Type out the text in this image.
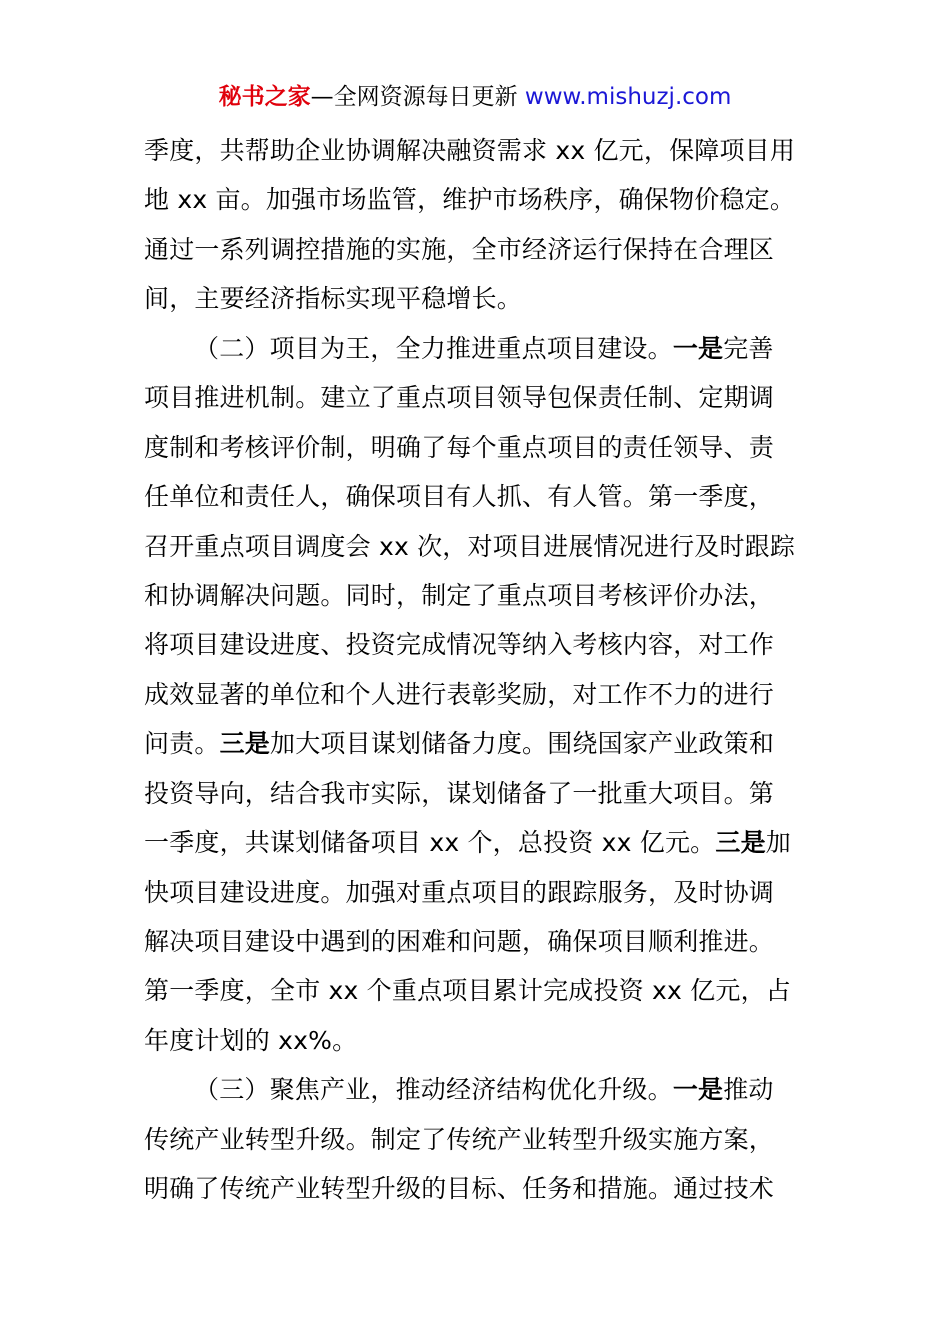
秘书之家—全网资源每日更新 www.mishuzj.com
季度，共帮助企业协调解决融资需求 xx 亿元，保障项目用
地 xx 亩。加强市场监管，维护市场秩序，确保物价稳定。
通过一系列调控措施的实施，全市经济运行保持在合理区
间，主要经济指标实现平稳增长。
（二）项目为王，全力推进重点项目建设。一是完善
项目推进机制。建立了重点项目领导包保责任制、定期调
度制和考核评价制，明确了每个重点项目的责任领导、责
任单位和责任人，确保项目有人抓、有人管。第一季度，
召开重点项目调度会 xx 次，对项目进展情况进行及时跟踪
和协调解决问题。同时，制定了重点项目考核评价办法，
将项目建设进度、投资完成情况等纳入考核内容，对工作
成效显著的单位和个人进行表彰奖励，对工作不力的进行
问责。三是加大项目谋划储备力度。围绕国家产业政策和
投资导向，结合我市实际，谋划储备了一批重大项目。第
一季度，共谋划储备项目 xx 个，总投资 xx 亿元。三是加
快项目建设进度。加强对重点项目的跟踪服务，及时协调
解决项目建设中遇到的困难和问题，确保项目顺利推进。
第一季度，全市 xx 个重点项目累计完成投资 xx 亿元，占
年度计划的 xx%。
（三）聚焦产业，推动经济结构优化升级。一是推动
传统产业转型升级。制定了传统产业转型升级实施方案，
明确了传统产业转型升级的目标、任务和措施。通过技术
